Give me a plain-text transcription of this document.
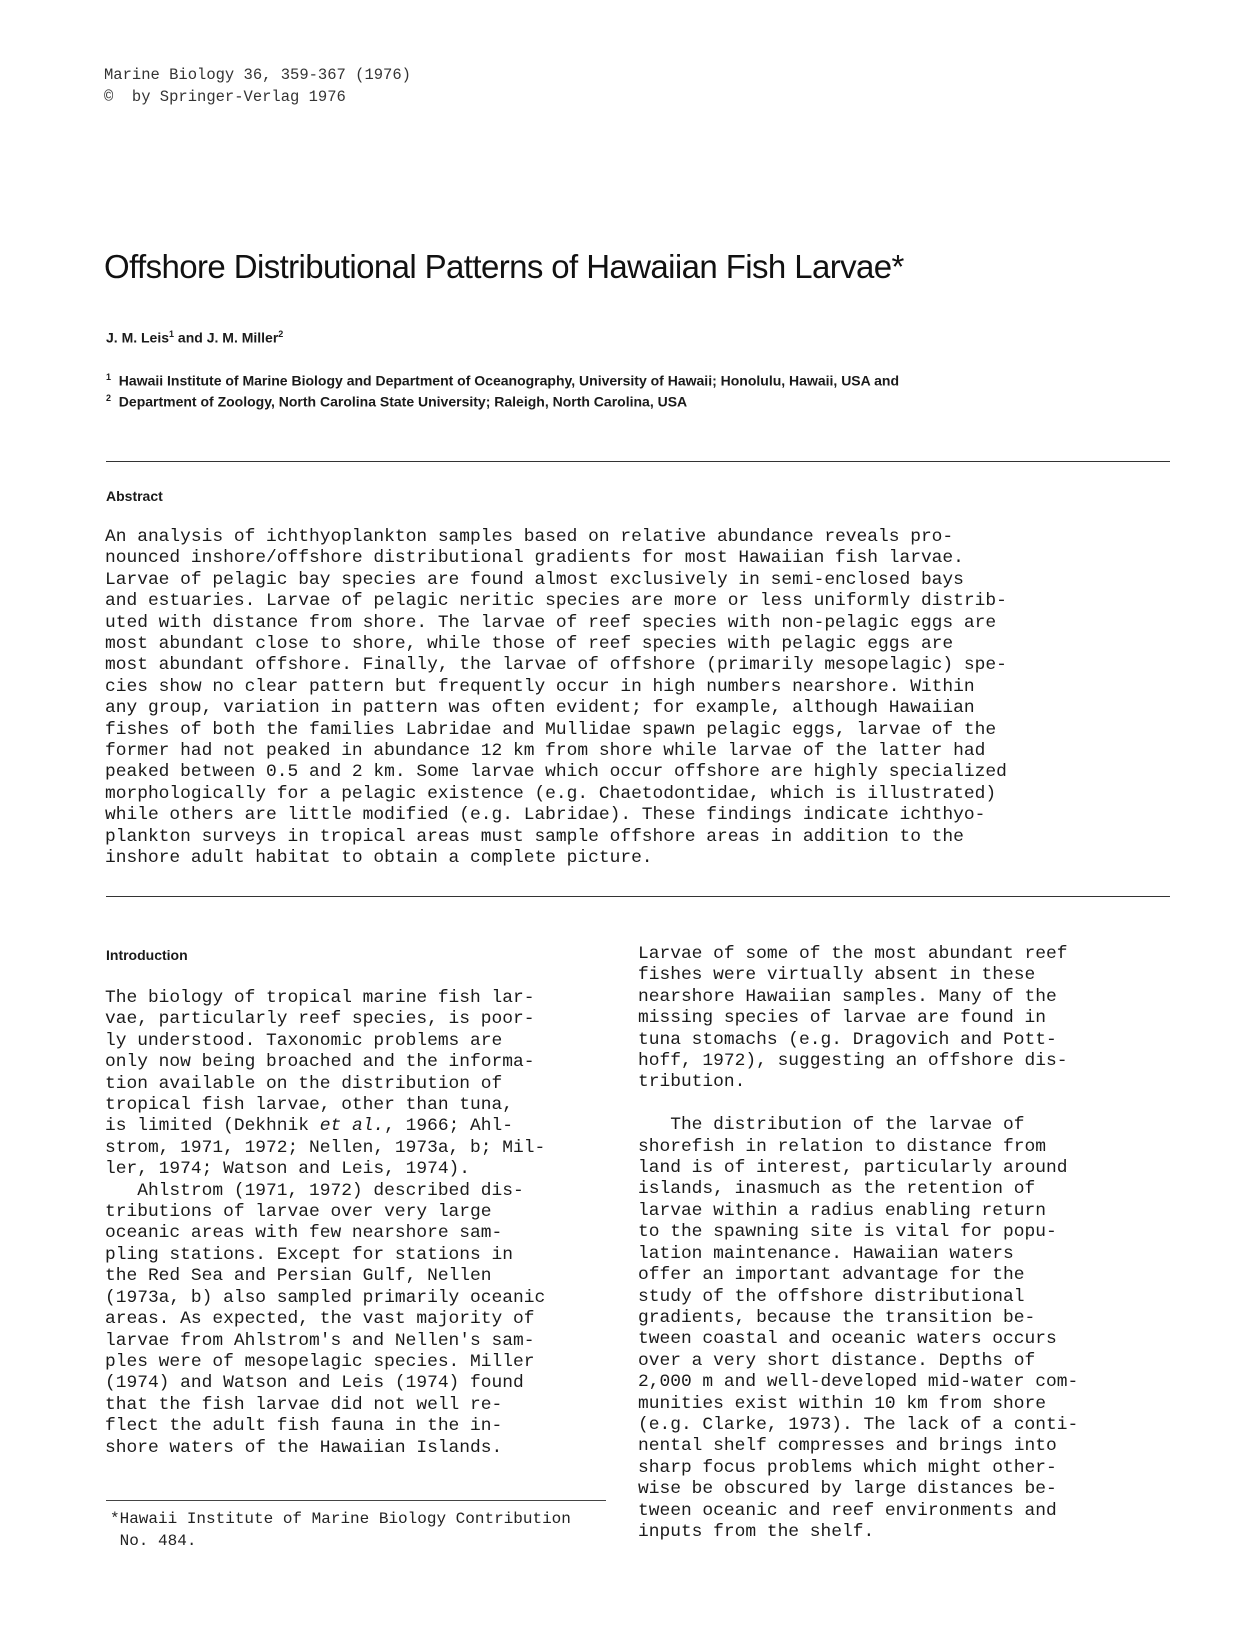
Marine Biology 36, 359-367 (1976)
©  by Springer-Verlag 1976
Offshore Distributional Patterns of Hawaiian Fish Larvae*
J. M. Leis$^1$ and J. M. Miller$^2$
$^1$ Hawaii Institute of Marine Biology and Department of Oceanography, University of Hawaii; Honolulu, Hawaii, USA and
$^2$ Department of Zoology, North Carolina State University; Raleigh, North Carolina, USA
Abstract
An analysis of ichthyoplankton samples based on relative abundance reveals pro-
nounced inshore/offshore distributional gradients for most Hawaiian fish larvae.
Larvae of pelagic bay species are found almost exclusively in semi-enclosed bays
and estuaries. Larvae of pelagic neritic species are more or less uniformly distrib-
uted with distance from shore. The larvae of reef species with non-pelagic eggs are
most abundant close to shore, while those of reef species with pelagic eggs are
most abundant offshore. Finally, the larvae of offshore (primarily mesopelagic) spe-
cies show no clear pattern but frequently occur in high numbers nearshore. Within
any group, variation in pattern was often evident; for example, although Hawaiian
fishes of both the families Labridae and Mullidae spawn pelagic eggs, larvae of the
former had not peaked in abundance 12 km from shore while larvae of the latter had
peaked between 0.5 and 2 km. Some larvae which occur offshore are highly specialized
morphologically for a pelagic existence (e.g. Chaetodontidae, which is illustrated)
while others are little modified (e.g. Labridae). These findings indicate ichthyo-
plankton surveys in tropical areas must sample offshore areas in addition to the
inshore adult habitat to obtain a complete picture.
Introduction
The biology of tropical marine fish lar-
vae, particularly reef species, is poor-
ly understood. Taxonomic problems are
only now being broached and the informa-
tion available on the distribution of
tropical fish larvae, other than tuna,
is limited (Dekhnik et al., 1966; Ahl-
strom, 1971, 1972; Nellen, 1973a, b; Mil-
ler, 1974; Watson and Leis, 1974).
Ahlstrom (1971, 1972) described dis-
tributions of larvae over very large
oceanic areas with few nearshore sam-
pling stations. Except for stations in
the Red Sea and Persian Gulf, Nellen
(1973a, b) also sampled primarily oceanic
areas. As expected, the vast majority of
larvae from Ahlstrom's and Nellen's sam-
ples were of mesopelagic species. Miller
(1974) and Watson and Leis (1974) found
that the fish larvae did not well re-
flect the adult fish fauna in the in-
shore waters of the Hawaiian Islands.
Larvae of some of the most abundant reef
fishes were virtually absent in these
nearshore Hawaiian samples. Many of the
missing species of larvae are found in
tuna stomachs (e.g. Dragovich and Pott-
hoff, 1972), suggesting an offshore dis-
tribution.

The distribution of the larvae of
shorefish in relation to distance from
land is of interest, particularly around
islands, inasmuch as the retention of
larvae within a radius enabling return
to the spawning site is vital for popu-
lation maintenance. Hawaiian waters
offer an important advantage for the
study of the offshore distributional
gradients, because the transition be-
tween coastal and oceanic waters occurs
over a very short distance. Depths of
2,000 m and well-developed mid-water com-
munities exist within 10 km from shore
(e.g. Clarke, 1973). The lack of a conti-
nental shelf compresses and brings into
sharp focus problems which might other-
wise be obscured by large distances be-
tween oceanic and reef environments and
inputs from the shelf.
*Hawaii Institute of Marine Biology Contribution
No. 484.
